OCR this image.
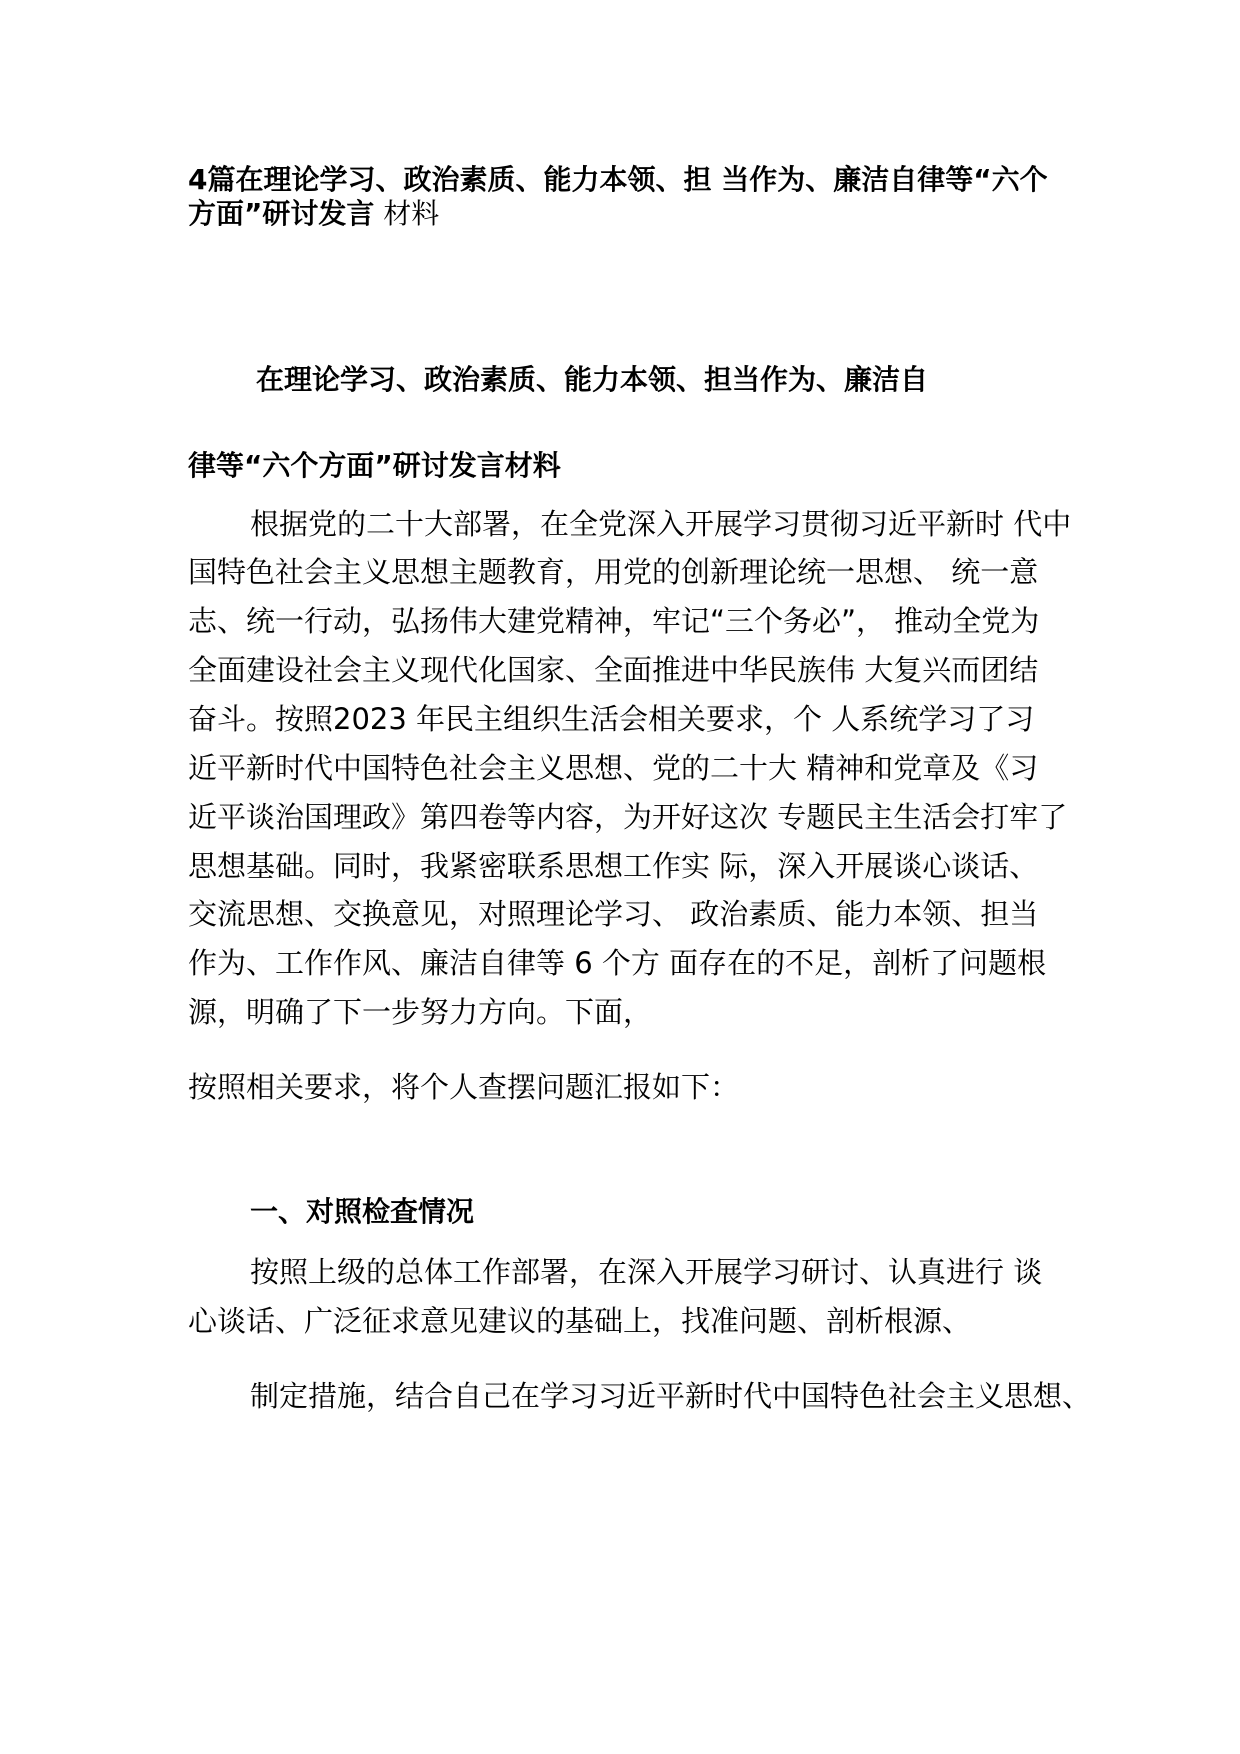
4篇在理论学习、政治素质、能力本领、担 当作为、廉洁自律等“六个
方面”研讨发言 材料
在理论学习、政治素质、能力本领、担当作为、廉洁自
律等“六个方面”研讨发言材料
根据党的二十大部署，在全党深入开展学习贯彻习近平新时 代中
国特色社会主义思想主题教育，用党的创新理论统一思想、 统一意
志、统一行动，弘扬伟大建党精神，牢记“三个务必”， 推动全党为
全面建设社会主义现代化国家、全面推进中华民族伟 大复兴而团结
奋斗。按照2023 年民主组织生活会相关要求，个 人系统学习了习
近平新时代中国特色社会主义思想、党的二十大 精神和党章及《习
近平谈治国理政》第四卷等内容，为开好这次 专题民主生活会打牢了
思想基础。同时，我紧密联系思想工作实 际，深入开展谈心谈话、
交流思想、交换意见，对照理论学习、 政治素质、能力本领、担当
作为、工作作风、廉洁自律等 6 个方 面存在的不足，剖析了问题根
源，明确了下一步努力方向。下面，
按照相关要求，将个人查摆问题汇报如下：
一、对照检查情况
按照上级的总体工作部署，在深入开展学习研讨、认真进行 谈
心谈话、广泛征求意见建议的基础上，找准问题、剖析根源、
制定措施，结合自己在学习习近平新时代中国特色社会主义思想、
